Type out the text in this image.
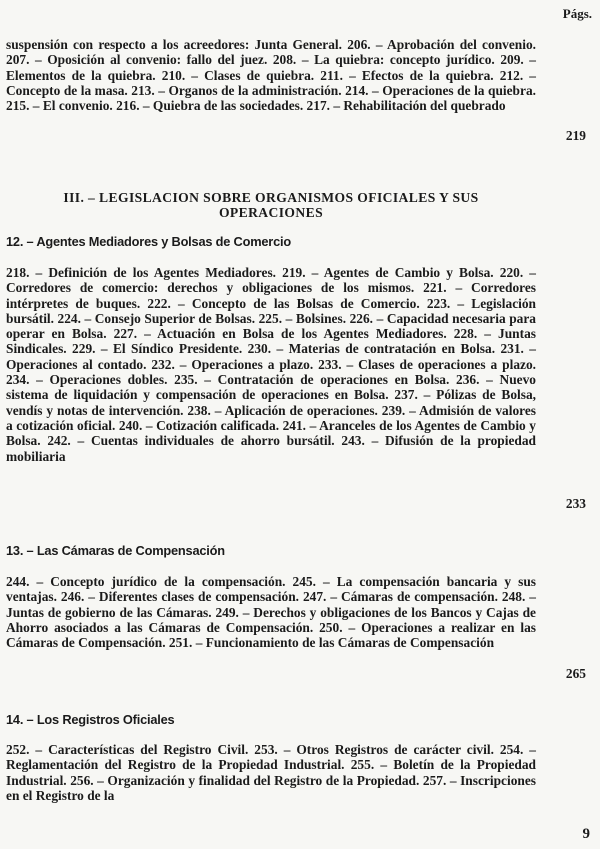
Págs.

suspensión con respecto a los acreedores: Junta General. 206. – Aprobación del convenio. 207. – Oposición al convenio: fallo del juez. 208. – La quiebra: concepto jurídico. 209. – Elementos de la quiebra. 210. – Clases de quiebra. 211. – Efectos de la quiebra. 212. – Concepto de la masa. 213. – Organos de la administración. 214. – Operaciones de la quiebra. 215. – El convenio. 216. – Quiebra de las sociedades. 217. – Rehabilitación del quebrado

219
III. – LEGISLACION SOBRE ORGANISMOS OFICIALES Y SUS
OPERACIONES
12. – Agentes Mediadores y Bolsas de Comercio

218. – Definición de los Agentes Mediadores. 219. – Agentes de Cambio y Bolsa. 220. – Corredores de comercio: derechos y obligaciones de los mismos. 221. – Corredores intérpretes de buques. 222. – Concepto de las Bolsas de Comercio. 223. – Legislación bursátil. 224. – Consejo Superior de Bolsas. 225. – Bolsines. 226. – Capacidad necesaria para operar en Bolsa. 227. – Actuación en Bolsa de los Agentes Mediadores. 228. – Juntas Sindicales. 229. – El Síndico Presidente. 230. – Materias de contratación en Bolsa. 231. – Operaciones al contado. 232. – Operaciones a plazo. 233. – Clases de operaciones a plazo. 234. – Operaciones dobles. 235. – Contratación de operaciones en Bolsa. 236. – Nuevo sistema de liquidación y compensación de operaciones en Bolsa. 237. – Pólizas de Bolsa, vendís y notas de intervención. 238. – Aplicación de operaciones. 239. – Admisión de valores a cotización oficial. 240. – Cotización calificada. 241. – Aranceles de los Agentes de Cambio y Bolsa. 242. – Cuentas individuales de ahorro bursátil. 243. – Difusión de la propiedad mobiliaria

233
13. – Las Cámaras de Compensación

244. – Concepto jurídico de la compensación. 245. – La compensación bancaria y sus ventajas. 246. – Diferentes clases de compensación. 247. – Cámaras de compensación. 248. – Juntas de gobierno de las Cámaras. 249. – Derechos y obligaciones de los Bancos y Cajas de Ahorro asociados a las Cámaras de Compensación. 250. – Operaciones a realizar en las Cámaras de Compensación. 251. – Funcionamiento de las Cámaras de Compensación

265
14. – Los Registros Oficiales

252. – Características del Registro Civil. 253. – Otros Registros de carácter civil. 254. – Reglamentación del Registro de la Propiedad Industrial. 255. – Boletín de la Propiedad Industrial. 256. – Organización y finalidad del Registro de la Propiedad. 257. – Inscripciones en el Registro de la

9
